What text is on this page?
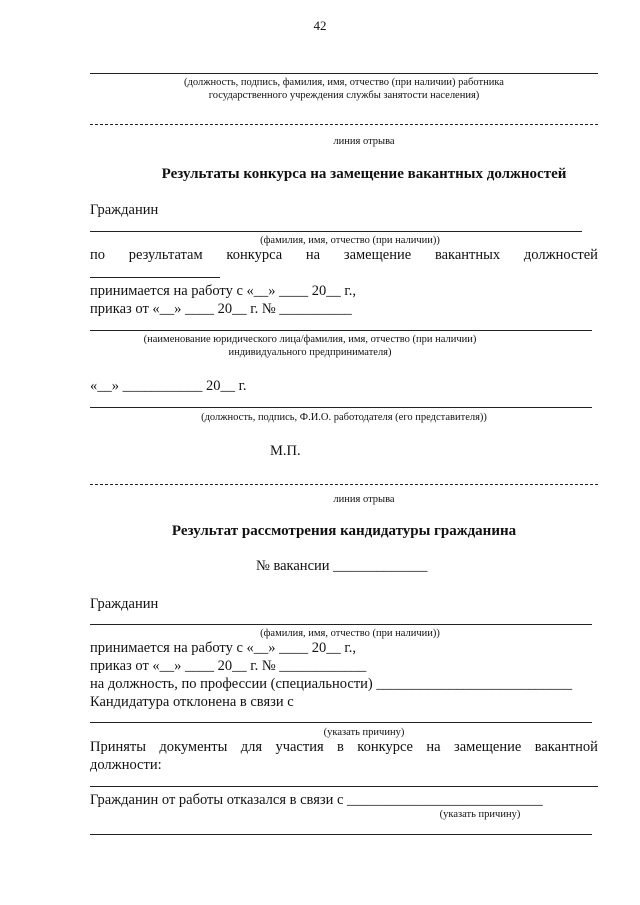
42
(должность, подпись, фамилия, имя, отчество (при наличии) работника
государственного учреждения службы занятости населения)
линия отрыва
Результаты конкурса на замещение вакантных должностей
Гражданин
(фамилия, имя, отчество (при наличии))
по результатам конкурса на замещение вакантных должностей
принимается на работу с «__» ____ 20__ г.,
приказ от «__» ____ 20__ г. № __________
(наименование юридического лица/фамилия, имя, отчество (при наличии)
индивидуального предпринимателя)
«__» ___________ 20__ г.
(должность, подпись, Ф.И.О. работодателя (его представителя))
М.П.
линия отрыва
Результат рассмотрения кандидатуры гражданина
№ вакансии _____________
Гражданин
(фамилия, имя, отчество (при наличии))
принимается на работу с «__» ____ 20__ г.,
приказ от «__» ____ 20__ г. № ____________
на должность, по профессии (специальности) ___________________________
Кандидатура отклонена в связи с
(указать причину)
Приняты документы для участия в конкурсе на замещение вакантной
должности:
Гражданин от работы отказался в связи с ___________________________
(указать причину)
